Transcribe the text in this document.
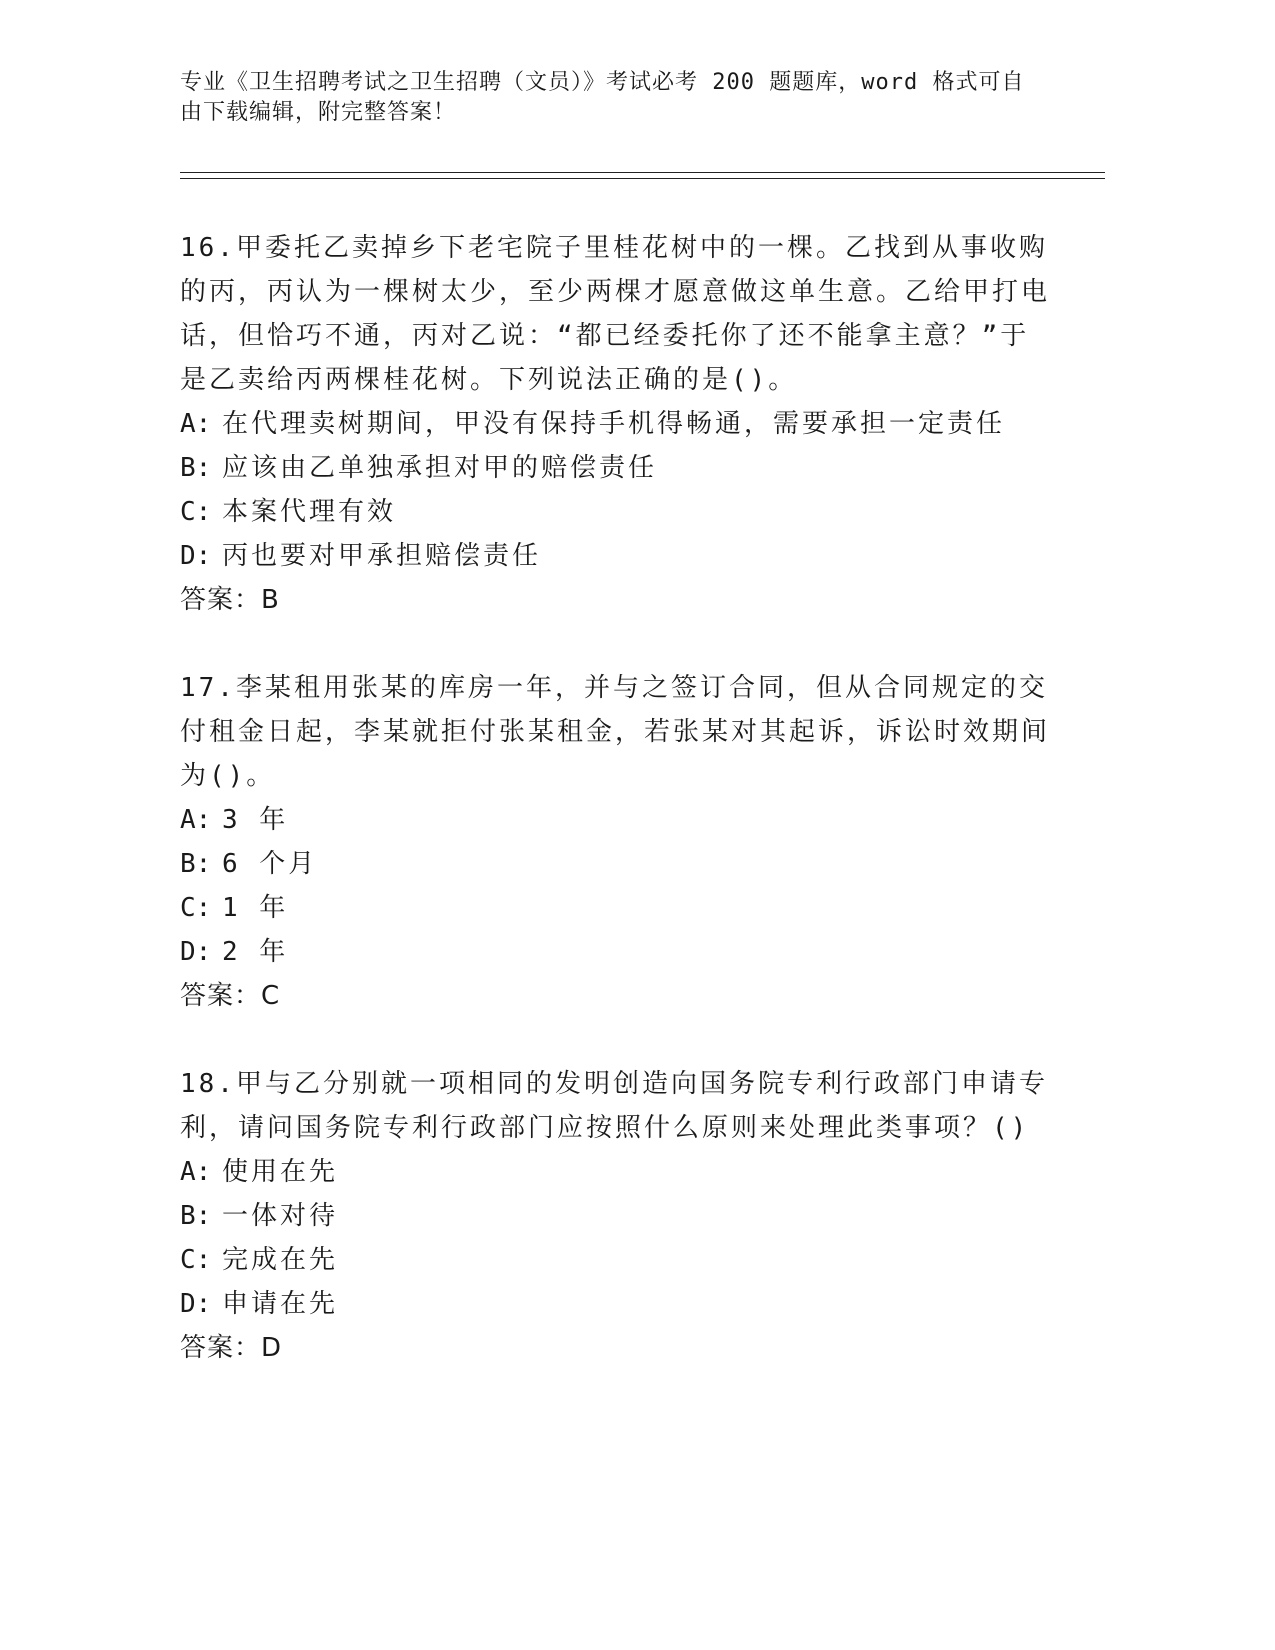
专业《卫生招聘考试之卫生招聘（文员）》考试必考 200 题题库，word 格式可自
由下载编辑，附完整答案！

16.甲委托乙卖掉乡下老宅院子里桂花树中的一棵。乙找到从事收购的丙，丙认为一棵树太少，至少两棵才愿意做这单生意。乙给甲打电话，但恰巧不通，丙对乙说：“都已经委托你了还不能拿主意？”于是乙卖给丙两棵桂花树。下列说法正确的是()。

A: 在代理卖树期间，甲没有保持手机得畅通，需要承担一定责任

B: 应该由乙单独承担对甲的赔偿责任

C: 本案代理有效

D: 丙也要对甲承担赔偿责任

答案：B

17.李某租用张某的库房一年，并与之签订合同，但从合同规定的交付租金日起，李某就拒付张某租金，若张某对其起诉，诉讼时效期间为()。

A: 3 年

B: 6 个月

C: 1 年

D: 2 年

答案：C

18.甲与乙分别就一项相同的发明创造向国务院专利行政部门申请专利，请问国务院专利行政部门应按照什么原则来处理此类事项？()

A: 使用在先

B: 一体对待

C: 完成在先

D: 申请在先

答案：D
